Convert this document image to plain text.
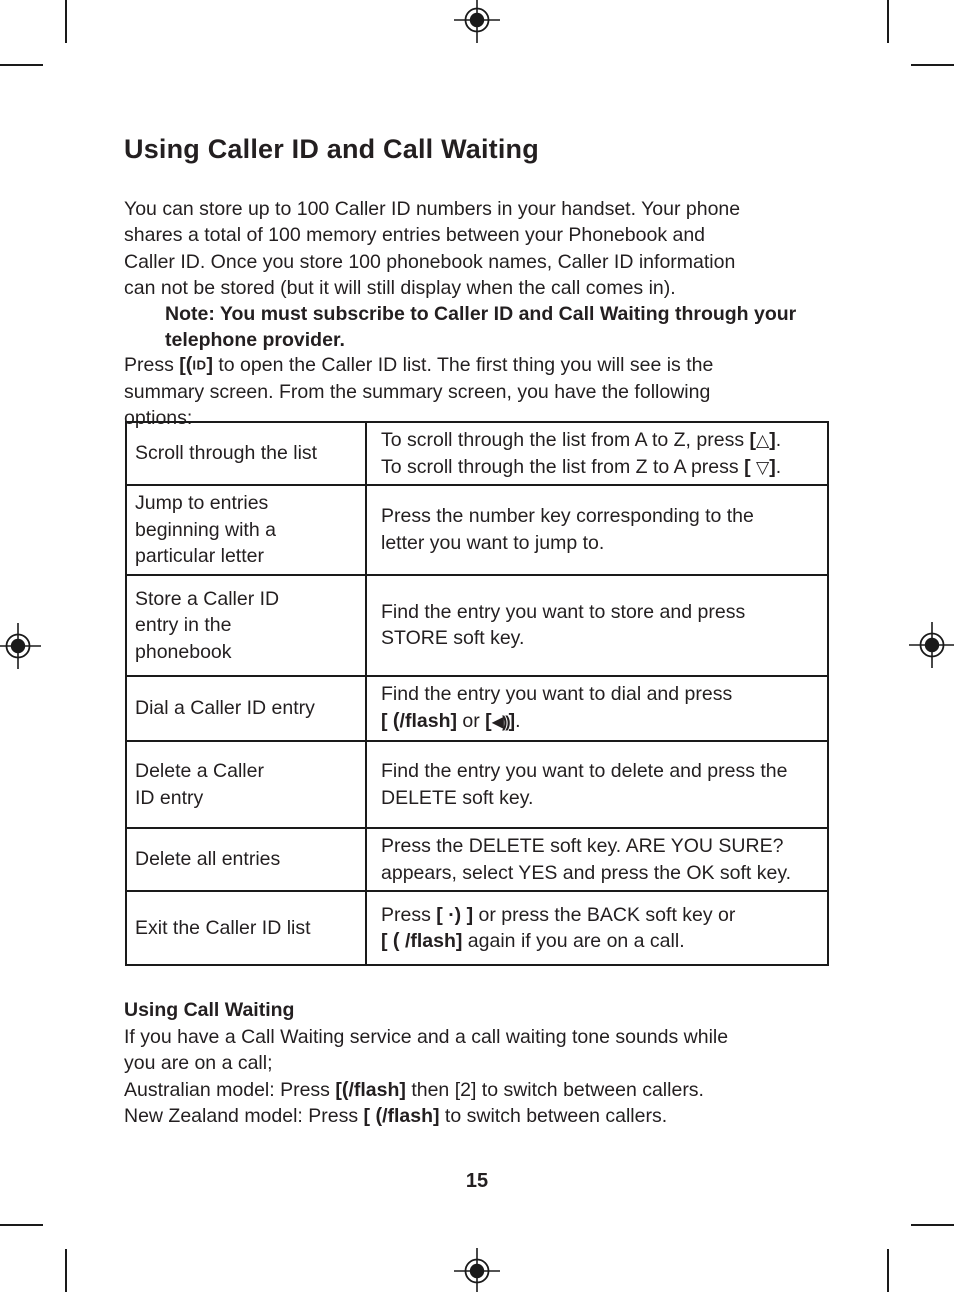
Using Caller ID and Call Waiting

You can store up to 100 Caller ID numbers in your handset. Your phone
shares a total of 100 memory entries between your Phonebook and
Caller ID. Once you store 100 phonebook names, Caller ID information
can not be stored (but it will still display when the call comes in).

Note: You must subscribe to Caller ID and Call Waiting through your
telephone provider.

Press [(ID] to open the Caller ID list. The first thing you will see is the
summary screen. From the summary screen, you have the following
options:

Scroll through the list	To scroll through the list from A to Z, press [△].
To scroll through the list from Z to A press [ ▽].
Jump to entries
beginning with a
particular letter	Press the number key corresponding to the
letter you want to jump to.
Store a Caller ID
entry in the
phonebook	Find the entry you want to store and press
STORE soft key.
Dial a Caller ID entry	Find the entry you want to dial and press
[ (/flash] or [◀))].
Delete a Caller
ID entry	Find the entry you want to delete and press the
DELETE soft key.
Delete all entries	Press the DELETE soft key. ARE YOU SURE?
appears, select YES and press the OK soft key.
Exit the Caller ID list	Press [ ·) ] or press the BACK soft key or
[ ( /flash] again if you are on a call.
Using Call Waiting
If you have a Call Waiting service and a call waiting tone sounds while
you are on a call;
Australian model: Press [(/flash] then [2] to switch between callers.
New Zealand model: Press [ (/flash] to switch between callers.
15
